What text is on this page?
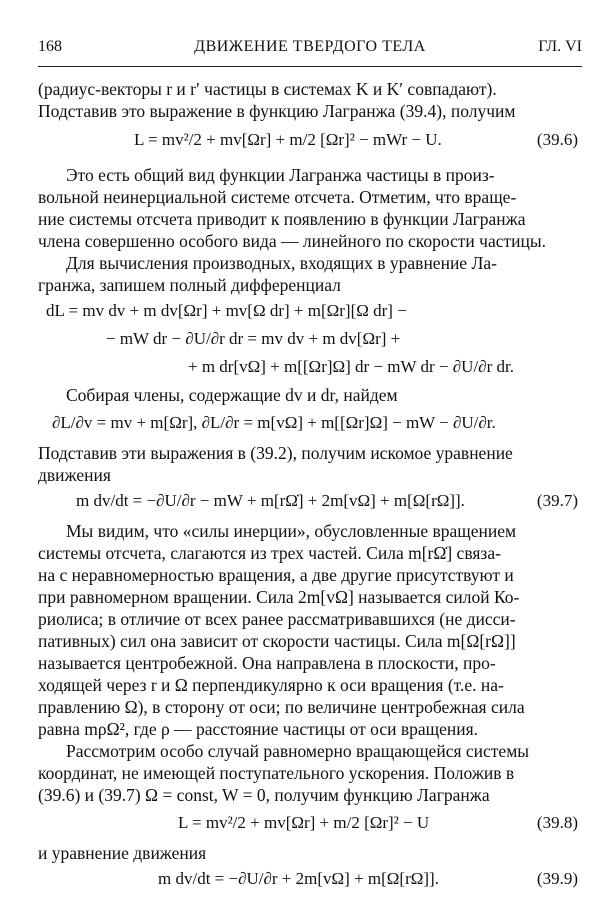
168	ДВИЖЕНИЕ ТВЕРДОГО ТЕЛА	ГЛ. VI
(радиус-векторы r и r′ частицы в системах K и K′ совпадают).
Подставив это выражение в функцию Лагранжа (39.4), получим
L = mv²/2 + mv[Ωr] + m/2 [Ωr]² − mWr − U.	(39.6)
Это есть общий вид функции Лагранжа частицы в произ-
вольной неинерциальной системе отсчета. Отметим, что враще-
ние системы отсчета приводит к появлению в функции Лагранжа
члена совершенно особого вида — линейного по скорости частицы.
Для вычисления производных, входящих в уравнение Ла-
гранжа, запишем полный дифференциал
dL = mv dv + m dv[Ωr] + mv[Ω dr] + m[Ωr][Ω dr] −
− mW dr − ∂U/∂r dr = mv dv + m dv[Ωr] +
+ m dr[vΩ] + m[[Ωr]Ω] dr − mW dr − ∂U/∂r dr.
Собирая члены, содержащие dv и dr, найдем
∂L/∂v = mv + m[Ωr], ∂L/∂r = m[vΩ] + m[[Ωr]Ω] − mW − ∂U/∂r.
Подставив эти выражения в (39.2), получим искомое уравнение
движения
m dv/dt = −∂U/∂r − mW + m[rΩ̇] + 2m[vΩ] + m[Ω[rΩ]].	(39.7)
Мы видим, что «силы инерции», обусловленные вращением
системы отсчета, слагаются из трех частей. Сила m[rΩ̇] связа-
на с неравномерностью вращения, а две другие присутствуют и
при равномерном вращении. Сила 2m[vΩ] называется силой Ко-
риолиса; в отличие от всех ранее рассматривавшихся (не дисси-
пативных) сил она зависит от скорости частицы. Сила m[Ω[rΩ]]
называется центробежной. Она направлена в плоскости, про-
ходящей через r и Ω перпендикулярно к оси вращения (т.е. на-
правлению Ω), в сторону от оси; по величине центробежная сила
равна mρΩ², где ρ — расстояние частицы от оси вращения.
Рассмотрим особо случай равномерно вращающейся системы
координат, не имеющей поступательного ускорения. Положив в
(39.6) и (39.7) Ω = const, W = 0, получим функцию Лагранжа
L = mv²/2 + mv[Ωr] + m/2 [Ωr]² − U	(39.8)
и уравнение движения
m dv/dt = −∂U/∂r + 2m[vΩ] + m[Ω[rΩ]].	(39.9)
